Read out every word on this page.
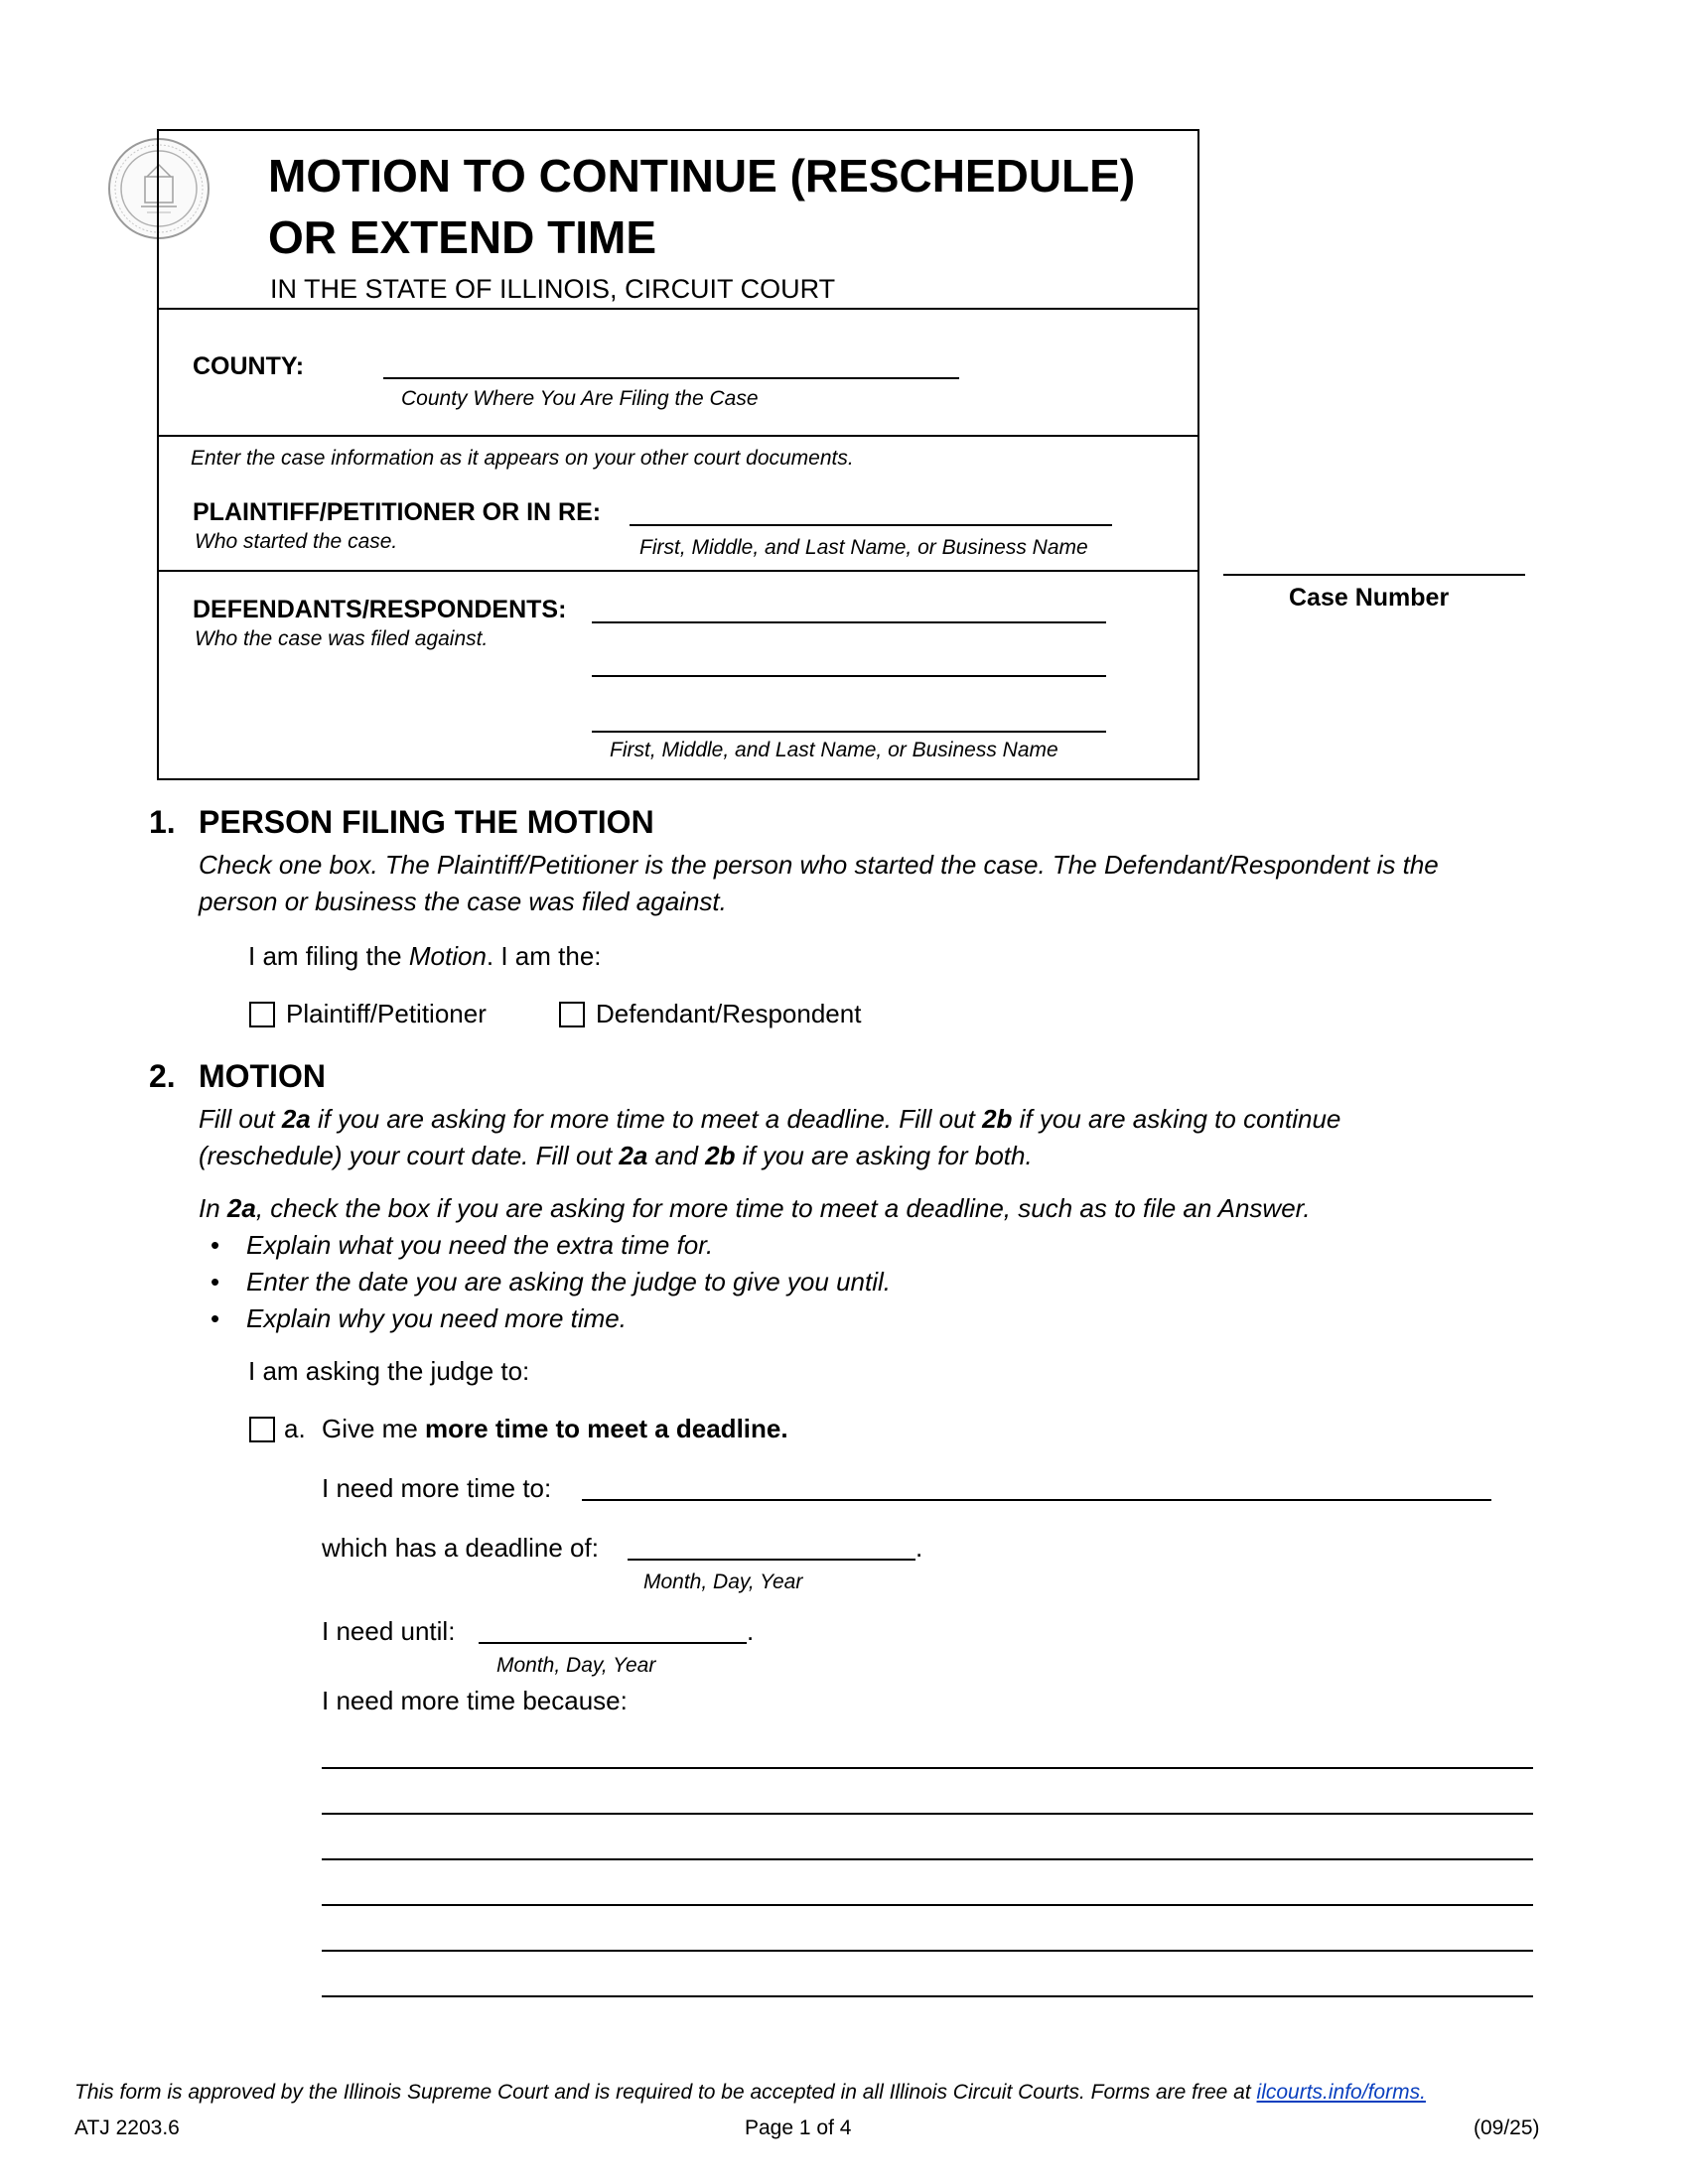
MOTION TO CONTINUE (RESCHEDULE)
OR EXTEND TIME
IN THE STATE OF ILLINOIS, CIRCUIT COURT
COUNTY:
County Where You Are Filing the Case
Enter the case information as it appears on your other court documents.
PLAINTIFF/PETITIONER OR IN RE:
Who started the case.	First, Middle, and Last Name, or Business Name
DEFENDANTS/RESPONDENTS:
Who the case was filed against.
First, Middle, and Last Name, or Business Name
Case Number
1. PERSON FILING THE MOTION
Check one box. The Plaintiff/Petitioner is the person who started the case. The Defendant/Respondent is the
person or business the case was filed against.
I am filing the Motion. I am the:
Plaintiff/Petitioner	Defendant/Respondent
2. MOTION
Fill out 2a if you are asking for more time to meet a deadline. Fill out 2b if you are asking to continue
(reschedule) your court date. Fill out 2a and 2b if you are asking for both.
In 2a, check the box if you are asking for more time to meet a deadline, such as to file an Answer.
• Explain what you need the extra time for.
• Enter the date you are asking the judge to give you until.
• Explain why you need more time.
I am asking the judge to:
a. Give me more time to meet a deadline.
I need more time to:
which has a deadline of:	.
Month, Day, Year
I need until:	.
Month, Day, Year
I need more time because:
This form is approved by the Illinois Supreme Court and is required to be accepted in all Illinois Circuit Courts. Forms are free at ilcourts.info/forms.
ATJ 2203.6	Page 1 of 4	(09/25)
